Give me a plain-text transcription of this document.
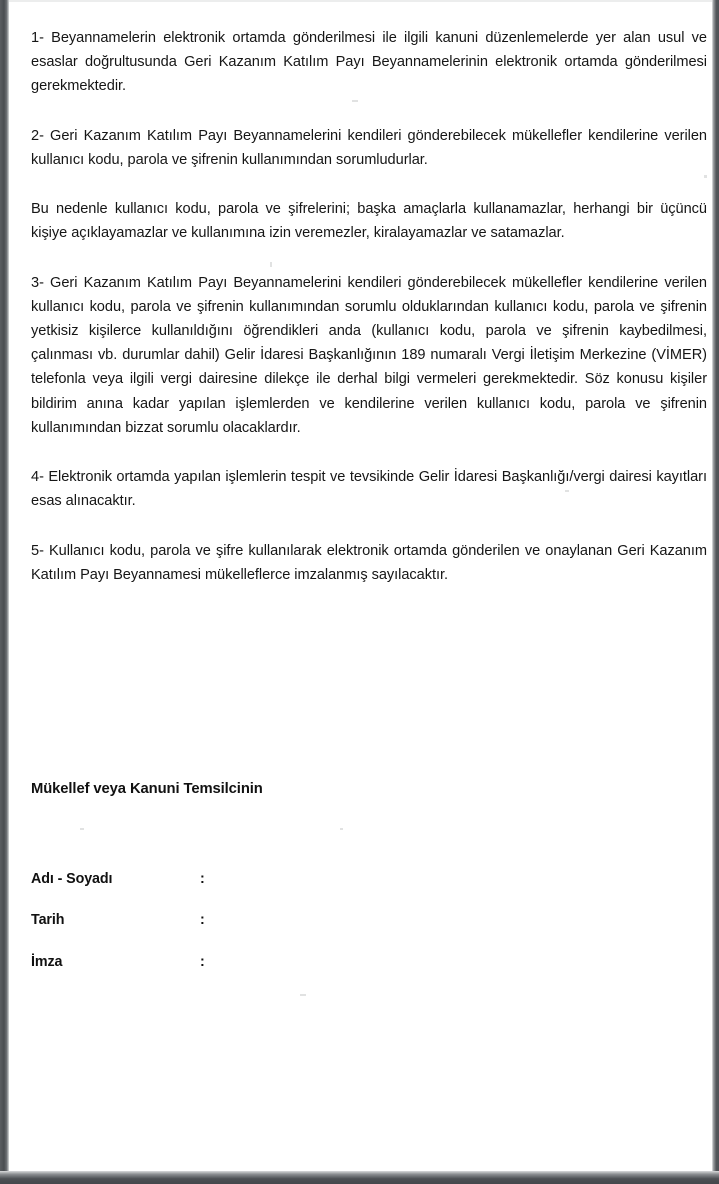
1- Beyannamelerin elektronik ortamda gönderilmesi ile ilgili kanuni düzenlemelerde yer alan usul ve esaslar doğrultusunda Geri Kazanım Katılım Payı Beyannamelerinin elektronik ortamda gönderilmesi gerekmektedir.

2- Geri Kazanım Katılım Payı Beyannamelerini kendileri gönderebilecek mükellefler kendilerine verilen kullanıcı kodu, parola ve şifrenin kullanımından sorumludurlar.

Bu nedenle kullanıcı kodu, parola ve şifrelerini; başka amaçlarla kullanamazlar, herhangi bir üçüncü kişiye açıklayamazlar ve kullanımına izin veremezler, kiralayamazlar ve satamazlar.

3- Geri Kazanım Katılım Payı Beyannamelerini kendileri gönderebilecek mükellefler kendilerine verilen kullanıcı kodu, parola ve şifrenin kullanımından sorumlu olduklarından kullanıcı kodu, parola ve şifrenin yetkisiz kişilerce kullanıldığını öğrendikleri anda (kullanıcı kodu, parola ve şifrenin kaybedilmesi, çalınması vb. durumlar dahil) Gelir İdaresi Başkanlığının 189 numaralı Vergi İletişim Merkezine (VİMER) telefonla veya ilgili vergi dairesine dilekçe ile derhal bilgi vermeleri gerekmektedir. Söz konusu kişiler bildirim anına kadar yapılan işlemlerden ve kendilerine verilen kullanıcı kodu, parola ve şifrenin kullanımından bizzat sorumlu olacaklardır.

4- Elektronik ortamda yapılan işlemlerin tespit ve tevsikinde Gelir İdaresi Başkanlığı/vergi dairesi kayıtları esas alınacaktır.

5- Kullanıcı kodu, parola ve şifre kullanılarak elektronik ortamda gönderilen ve onaylanan Geri Kazanım Katılım Payı Beyannamesi mükelleflerce imzalanmış sayılacaktır.

Mükellef veya Kanuni Temsilcinin
Adı - Soyadı	:
Tarih	:
İmza	:
